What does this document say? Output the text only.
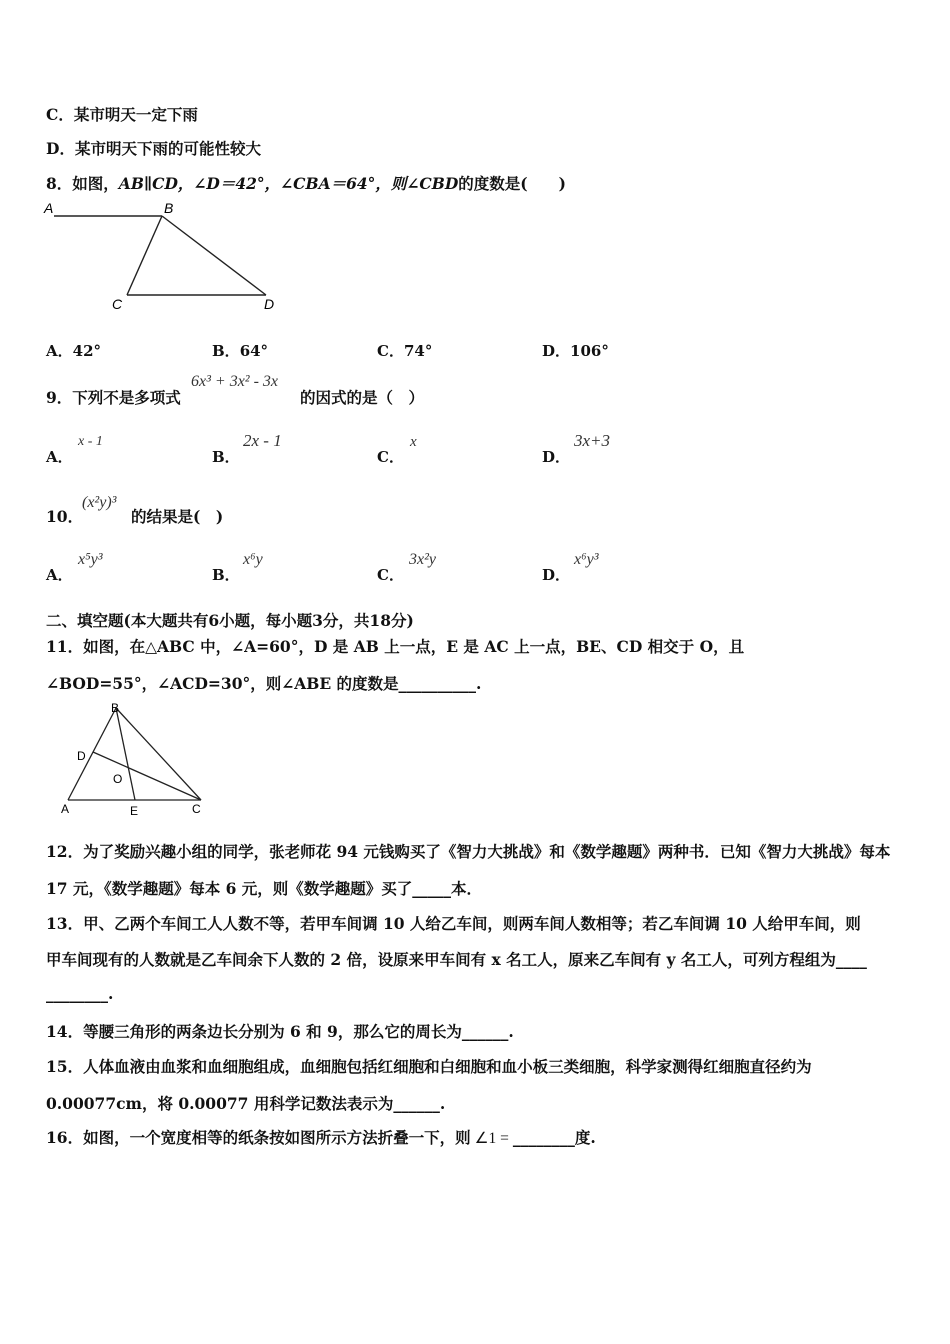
C．某市明天一定下雨
D．某市明天下雨的可能性较大
8．如图，AB∥CD，∠D＝42°，∠CBA＝64°，则∠CBD的度数是(　　)
A	B
C	D
A．42°	B．64°	C．74°	D．106°
9．下列不是多项式
6x³ + 3x² - 3x
的因式的是（　）
A．
x - 1
B．
2x - 1
C．
x
D．
3x+3
10．
(x²y)³
的结果是(　)
A．
x⁵y³
B．
x⁶y
C．
3x²y
D．
x⁶y³
二、填空题(本大题共有6小题，每小题3分，共18分)
11．如图，在△ABC 中，∠A=60°，D 是 AB 上一点，E 是 AC 上一点，BE、CD 相交于 O，且
∠BOD=55°，∠ACD=30°，则∠ABE 的度数是__________.
B
D
O
A	E	C
12．为了奖励兴趣小组的同学，张老师花 94 元钱购买了《智力大挑战》和《数学趣题》两种书．已知《智力大挑战》每本
17 元，《数学趣题》每本 6 元，则《数学趣题》买了_____本．
13．甲、乙两个车间工人人数不等，若甲车间调 10 人给乙车间，则两车间人数相等；若乙车间调 10 人给甲车间，则
甲车间现有的人数就是乙车间余下人数的 2 倍，设原来甲车间有 x 名工人，原来乙车间有 y 名工人，可列方程组为____
________.
14．等腰三角形的两条边长分别为 6 和 9，那么它的周长为______.
15．人体血液由血浆和血细胞组成，血细胞包括红细胞和白细胞和血小板三类细胞，科学家测得红细胞直径约为
0.00077cm，将 0.00077 用科学记数法表示为______.
16．如图，一个宽度相等的纸条按如图所示方法折叠一下，则 ∠1 = ________度.
